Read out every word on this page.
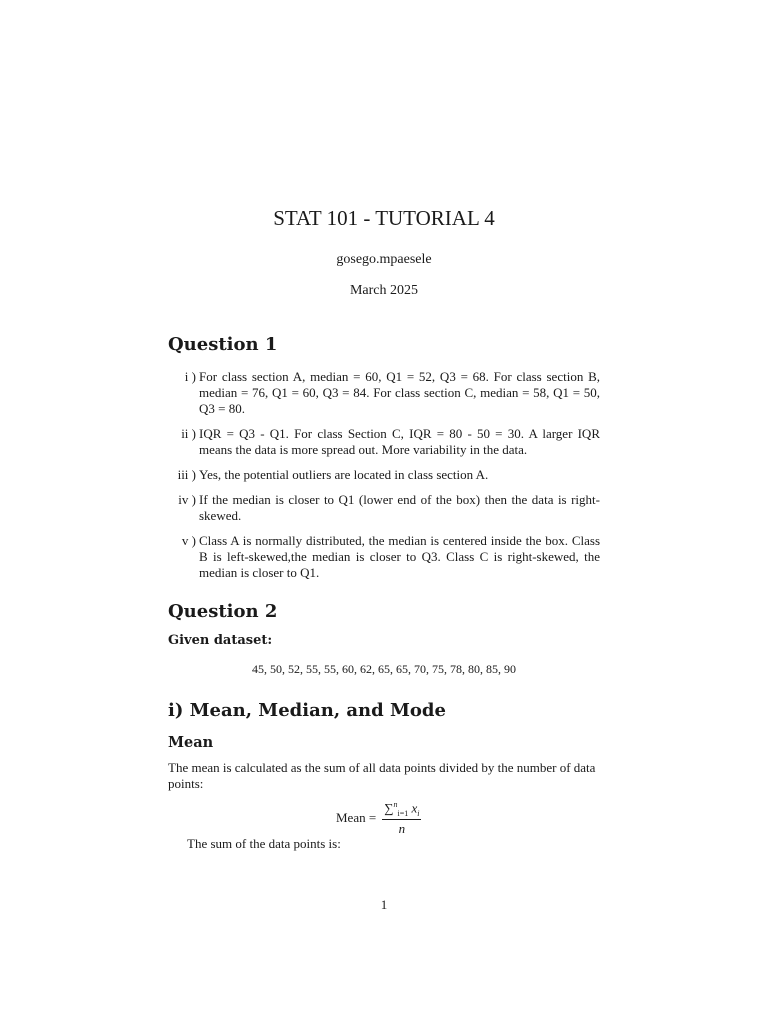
STAT 101 - TUTORIAL 4
gosego.mpaesele
March 2025
Question 1
i ) For class section A, median = 60, Q1 = 52, Q3 = 68. For class section B, median = 76, Q1 = 60, Q3 = 84. For class section C, median = 58, Q1 = 50, Q3 = 80.
ii ) IQR = Q3 - Q1. For class Section C, IQR = 80 - 50 = 30. A larger IQR means the data is more spread out. More variability in the data.
iii ) Yes, the potential outliers are located in class section A.
iv ) If the median is closer to Q1 (lower end of the box) then the data is right-skewed.
v ) Class A is normally distributed, the median is centered inside the box. Class B is left-skewed,the median is closer to Q3. Class C is right-skewed, the median is closer to Q1.
Question 2
Given dataset:
45, 50, 52, 55, 55, 60, 62, 65, 65, 70, 75, 78, 80, 85, 90
i) Mean, Median, and Mode
Mean
The mean is calculated as the sum of all data points divided by the number of data points:
Mean = $\frac{\sum^n_{i=1} x_i}{n}$
The sum of the data points is:
1
